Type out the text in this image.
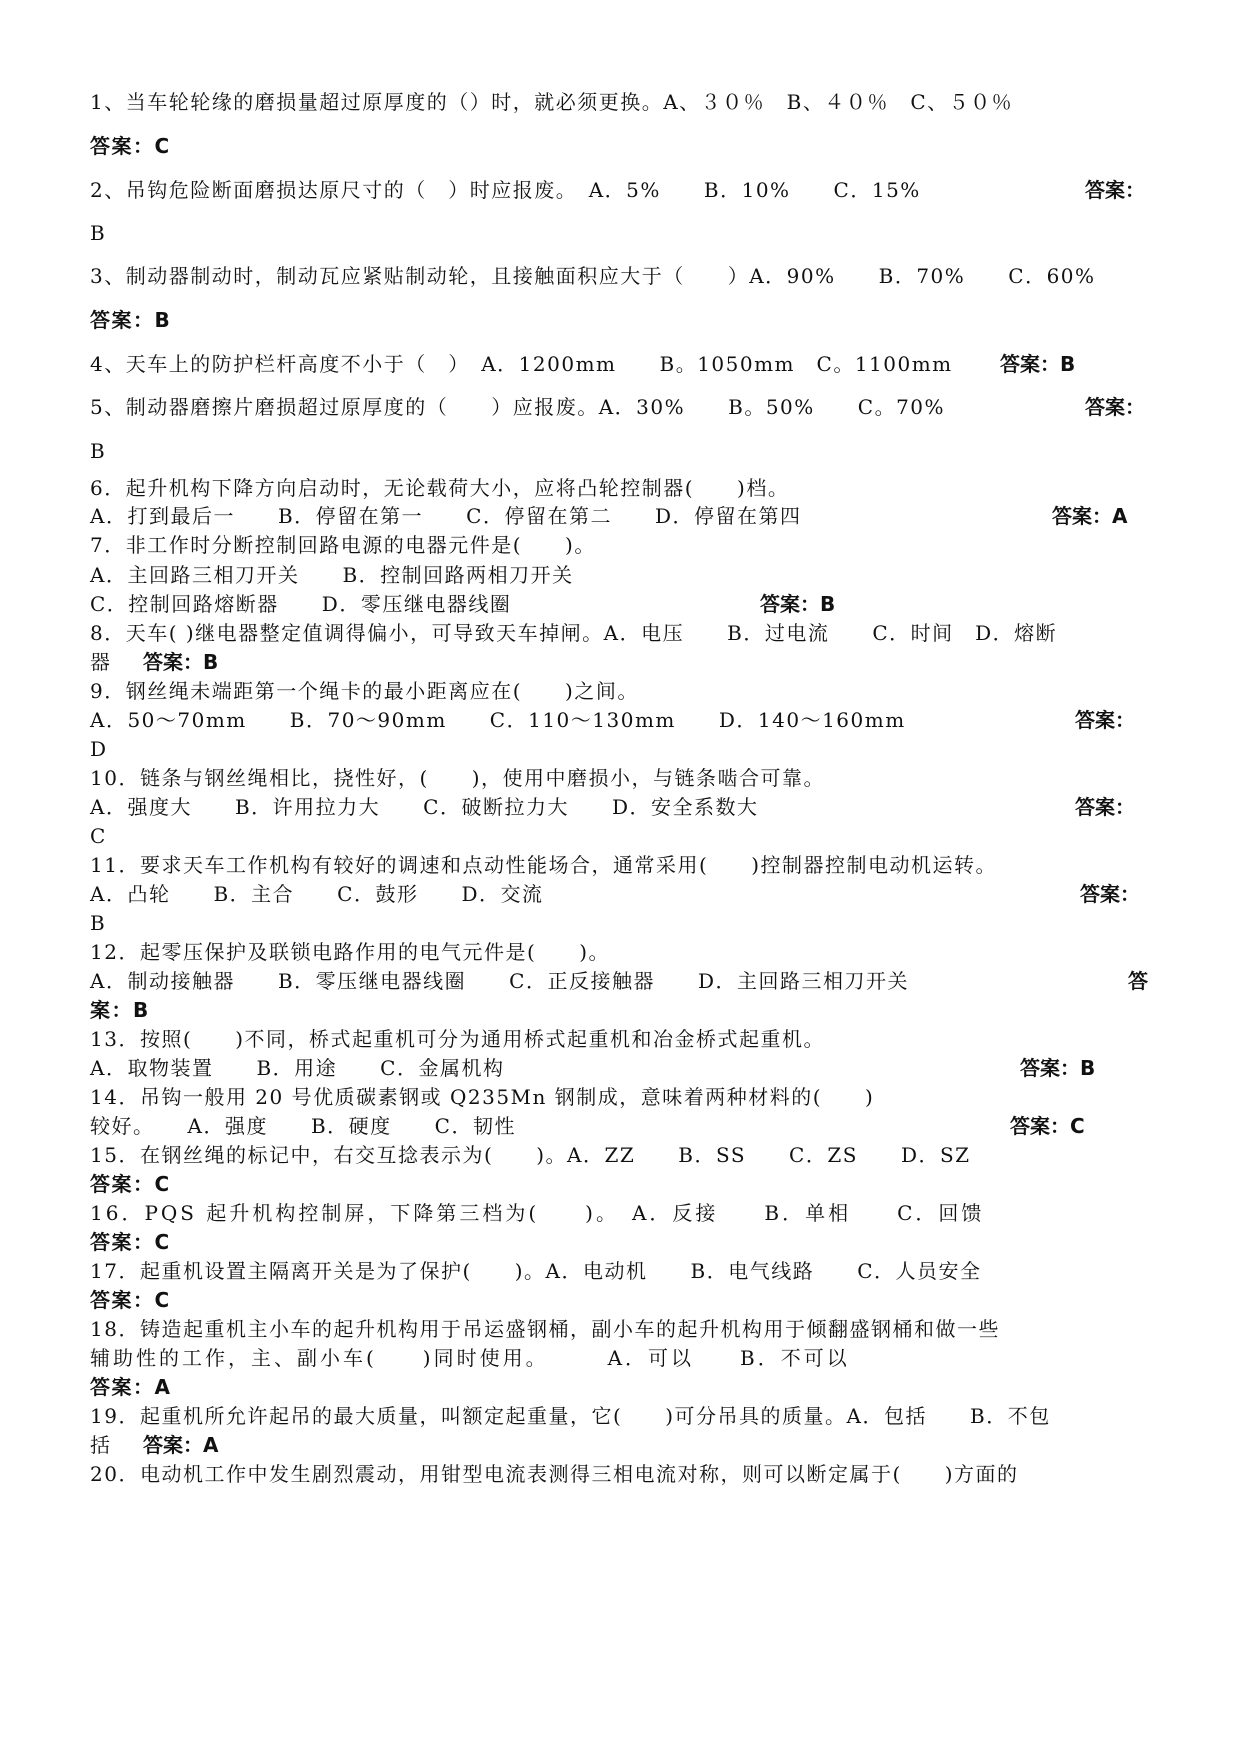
1、当车轮轮缘的磨损量超过原厚度的（）时，就必须更换。A、３０％　B、４０％　C、５０％
答案：C
2、吊钩危险断面磨损达原尺寸的（　）时应报废。　A．5%　　B．10%　　C．15%	答案：
B
3、制动器制动时，制动瓦应紧贴制动轮，且接触面积应大于（　　）A．90%　　B．70%　　C．60%
答案：B
4、天车上的防护栏杆高度不小于（　）　A．1200mm　　B。1050mm　C。1100mm	答案：B
5、制动器磨擦片磨损超过原厚度的（　　）应报废。A．30%　　B。50%　　C。70%	答案：
B
6．起升机构下降方向启动时，无论载荷大小，应将凸轮控制器(　　)档。
A．打到最后一　　B．停留在第一　　C．停留在第二　　D．停留在第四	答案：A
7．非工作时分断控制回路电源的电器元件是(　　)。
A．主回路三相刀开关　　B．控制回路两相刀开关
C．控制回路熔断器　　D．零压继电器线圈	答案：B
8．天车( )继电器整定值调得偏小，可导致天车掉闸。A．电压　　B．过电流　　C．时间　D．熔断
器	答案：B
9．钢丝绳未端距第一个绳卡的最小距离应在(　　)之间。
A．50～70mm　　B．70～90mm　　C．110～130mm　　D．140～160mm	答案：
D
10．链条与钢丝绳相比，挠性好，(　　)，使用中磨损小，与链条啮合可靠。
A．强度大　　B．许用拉力大　　C．破断拉力大　　D．安全系数大	答案：
C
11．要求天车工作机构有较好的调速和点动性能场合，通常采用(　　)控制器控制电动机运转。
A．凸轮　　B．主合　　C．鼓形　　D．交流	答案：
B
12．起零压保护及联锁电路作用的电气元件是(　　)。
A．制动接触器　　B．零压继电器线圈　　C．正反接触器　　D．主回路三相刀开关	答
案：B
13．按照(　　)不同，桥式起重机可分为通用桥式起重机和冶金桥式起重机。
A．取物装置　　B．用途　　C．金属机构	答案：B
14．吊钩一般用 20 号优质碳素钢或 Q235Mn 钢制成，意味着两种材料的(　　)
较好。　　A．强度　　B．硬度　　C．韧性	答案：C
15．在钢丝绳的标记中，右交互捻表示为(　　)。A．ZZ　　B．SS　　C．ZS　　D．SZ
答案：C
16．PQS 起升机构控制屏，下降第三档为(　　)。　A．反接　　B．单相　　C．回馈
答案：C
17．起重机设置主隔离开关是为了保护(　　)。A．电动机　　B．电气线路　　C．人员安全
答案：C
18．铸造起重机主小车的起升机构用于吊运盛钢桶，副小车的起升机构用于倾翻盛钢桶和做一些
辅助性的工作，主、副小车(　　)同时使用。　　　A．可以　　B．不可以
答案：A
19．起重机所允许起吊的最大质量，叫额定起重量，它(　　)可分吊具的质量。A．包括　　B．不包
括	答案：A
20．电动机工作中发生剧烈震动，用钳型电流表测得三相电流对称，则可以断定属于(　　)方面的
